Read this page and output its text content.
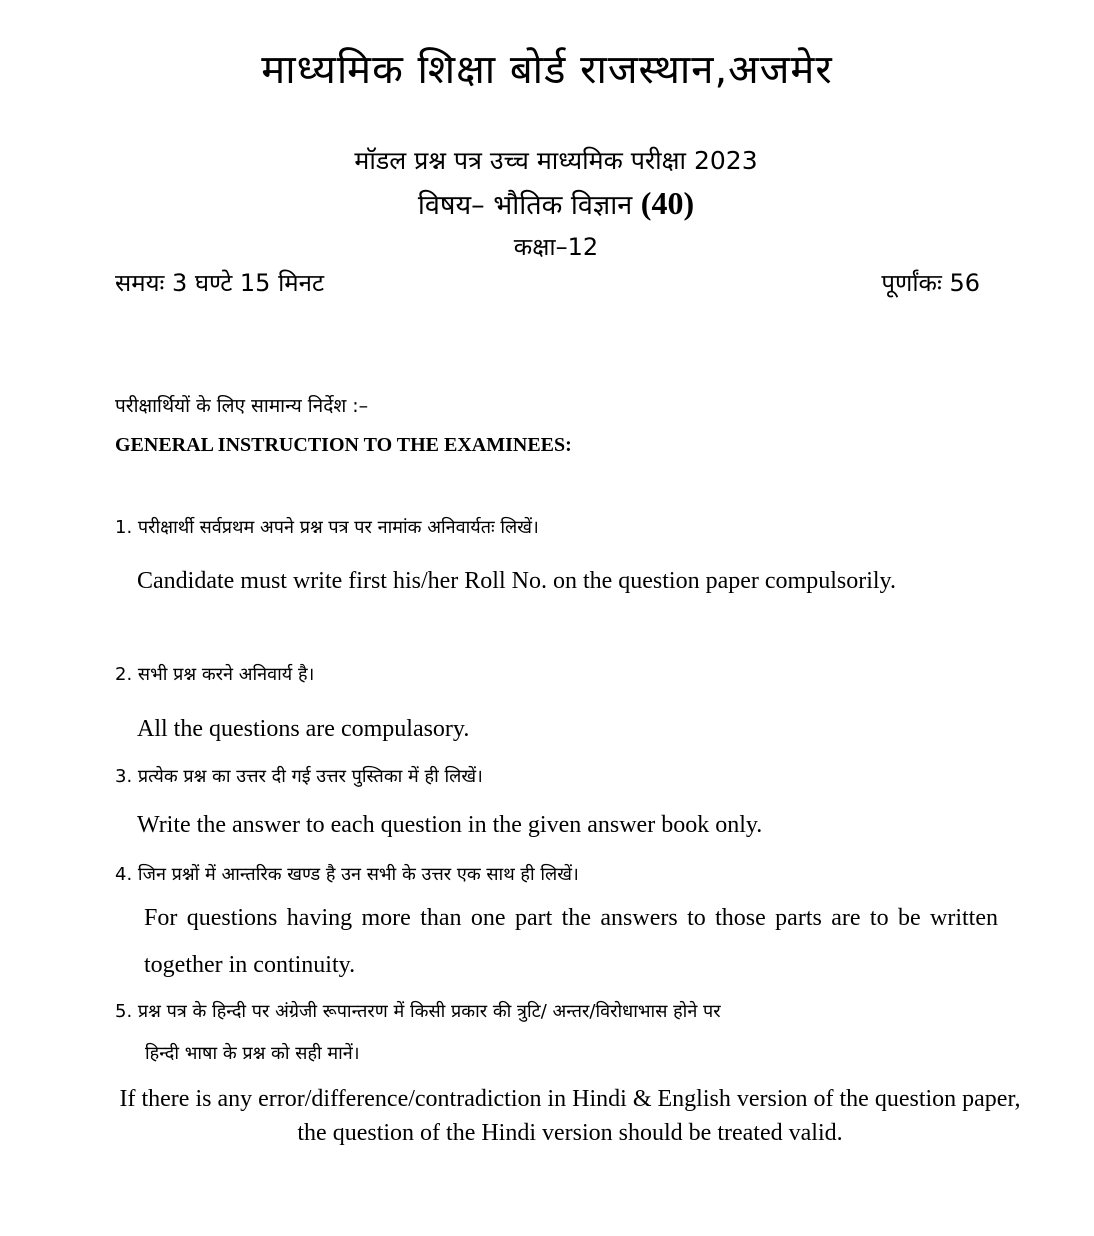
माध्यमिक शिक्षा बोर्ड राजस्थान,अजमेर
मॉडल प्रश्न पत्र उच्च माध्यमिक परीक्षा 2023
विषय– भौतिक विज्ञान (40)
कक्षा–12
समयः 3 घण्टे 15 मिनट	पूर्णांकः 56
परीक्षार्थियों के लिए सामान्य निर्देश :–
GENERAL INSTRUCTION TO THE EXAMINEES:
1. परीक्षार्थी सर्वप्रथम अपने प्रश्न पत्र पर नामांक अनिवार्यतः लिखें।
Candidate must write first his/her Roll No. on the question paper compulsorily.
2. सभी प्रश्न करने अनिवार्य है।
All the questions are compulasory.
3. प्रत्येक प्रश्न का उत्तर दी गई उत्तर पुस्तिका में ही लिखें।
Write the answer to each question in the given answer book only.
4. जिन प्रश्नों में आन्तरिक खण्ड है उन सभी के उत्तर एक साथ ही लिखें।
For questions having more than one part the answers to those parts are to be written together in continuity.
5. प्रश्न पत्र के हिन्दी पर अंग्रेजी रूपान्तरण में किसी प्रकार की त्रुटि/ अन्तर/विरोधाभास होने पर
हिन्दी भाषा के प्रश्न को सही मानें।
If there is any error/difference/contradiction in Hindi & English version of the question paper, the question of the Hindi version should be treated valid.
